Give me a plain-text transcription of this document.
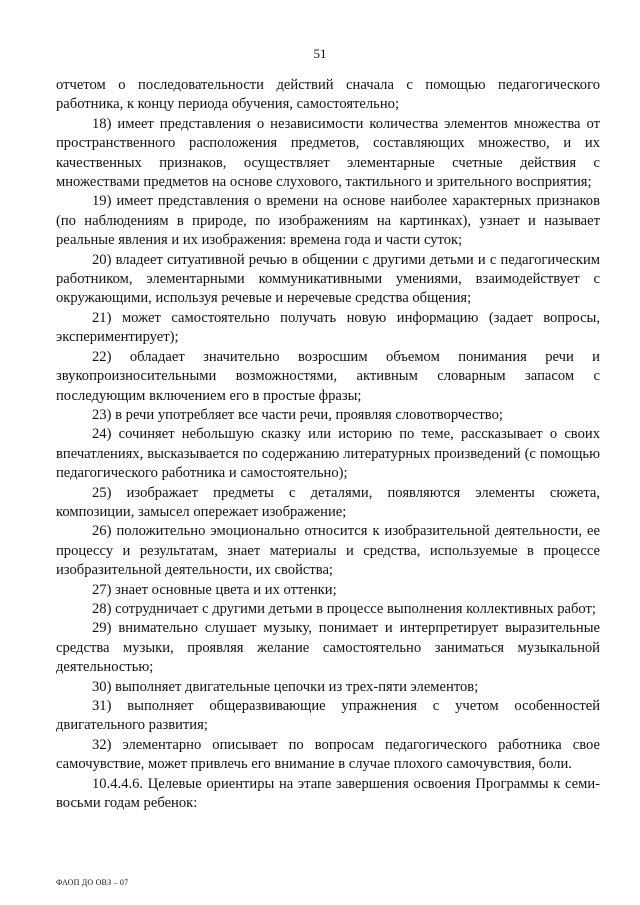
51

отчетом о последовательности действий сначала с помощью педагогического работника, к концу периода обучения, самостоятельно;

18) имеет представления о независимости количества элементов множества от пространственного расположения предметов, составляющих множество, и их качественных признаков, осуществляет элементарные счетные действия с множествами предметов на основе слухового, тактильного и зрительного восприятия;

19) имеет представления о времени на основе наиболее характерных признаков (по наблюдениям в природе, по изображениям на картинках), узнает и называет реальные явления и их изображения: времена года и части суток;

20) владеет ситуативной речью в общении с другими детьми и с педагогическим работником, элементарными коммуникативными умениями, взаимодействует с окружающими, используя речевые и неречевые средства общения;

21) может самостоятельно получать новую информацию (задает вопросы, экспериментирует);

22) обладает значительно возросшим объемом понимания речи и звукопроизносительными возможностями, активным словарным запасом с последующим включением его в простые фразы;

23) в речи употребляет все части речи, проявляя словотворчество;

24) сочиняет небольшую сказку или историю по теме, рассказывает о своих впечатлениях, высказывается по содержанию литературных произведений (с помощью педагогического работника и самостоятельно);

25) изображает предметы с деталями, появляются элементы сюжета, композиции, замысел опережает изображение;

26) положительно эмоционально относится к изобразительной деятельности, ее процессу и результатам, знает материалы и средства, используемые в процессе изобразительной деятельности, их свойства;

27) знает основные цвета и их оттенки;

28) сотрудничает с другими детьми в процессе выполнения коллективных работ;

29) внимательно слушает музыку, понимает и интерпретирует выразительные средства музыки, проявляя желание самостоятельно заниматься музыкальной деятельностью;

30) выполняет двигательные цепочки из трех-пяти элементов;

31) выполняет общеразвивающие упражнения с учетом особенностей двигательного развития;

32) элементарно описывает по вопросам педагогического работника свое самочувствие, может привлечь его внимание в случае плохого самочувствия, боли.

10.4.4.6. Целевые ориентиры на этапе завершения освоения Программы к семи-восьми годам ребенок:

ФАОП ДО ОВЗ – 07
